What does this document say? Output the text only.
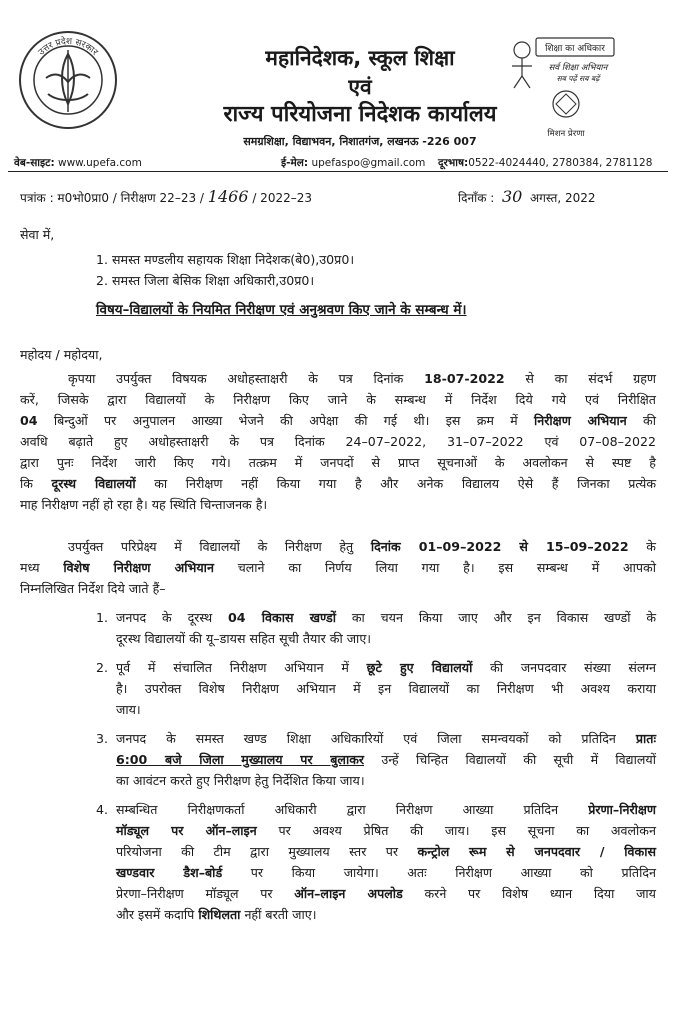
उत्तर प्रदेश सरकार	महानिदेशक, स्कूल शिक्षा
एवं
राज्य परियोजना निदेशक कार्यालय
समग्रशिक्षा, विद्याभवन, निशातगंज, लखनऊ -226 007
शिक्षा का अधिकार
सर्व शिक्षा अभियान
सब पढ़ें सब बढ़ें
मिशन प्रेरणा
वेब-साइट: www.upefa.com	ई-मेल: upefaspo@gmail.com दूरभाष:0522-4024440, 2780384, 2781128
पत्रांक : म0भो0प्रा0 / निरीक्षण 22–23 / 1466 / 2022–23	दिनाँक : 30 अगस्त, 2022
सेवा में,
1. समस्त मण्डलीय सहायक शिक्षा निदेशक(बे0),उ0प्र0।
2. समस्त जिला बेसिक शिक्षा अधिकारी,उ0प्र0।
विषय–विद्यालयों के नियमित निरीक्षण एवं अनुश्रवण किए जाने के सम्बन्ध में।
महोदय / महोदया,
कृपया उपर्युक्त विषयक अधोहस्ताक्षरी के पत्र दिनांक 18-07-2022 से का संदर्भ ग्रहण
करें, जिसके द्वारा विद्यालयों के निरीक्षण किए जाने के सम्बन्ध में निर्देश दिये गये एवं निरीक्षित
04 बिन्दुओं पर अनुपालन आख्या भेजने की अपेक्षा की गई थी। इस क्रम में निरीक्षण अभियान की
अवधि बढ़ाते हुए अधोहस्ताक्षरी के पत्र दिनांक 24–07–2022, 31–07–2022 एवं 07–08–2022
द्वारा पुनः निर्देश जारी किए गये। तत्क्रम में जनपदों से प्राप्त सूचनाओं के अवलोकन से स्पष्ट है
कि दूरस्थ विद्यालयों का निरीक्षण नहीं किया गया है और अनेक विद्यालय ऐसे हैं जिनका प्रत्येक
माह निरीक्षण नहीं हो रहा है। यह स्थिति चिन्ताजनक है।
उपर्युक्त परिप्रेक्ष्य में विद्यालयों के निरीक्षण हेतु दिनांक 01–09–2022 से 15–09–2022 के
मध्य विशेष निरीक्षण अभियान चलाने का निर्णय लिया गया है। इस सम्बन्ध में आपको
निम्नलिखित निर्देश दिये जाते हैं–
1. जनपद के दूरस्थ 04 विकास खण्डों का चयन किया जाए और इन विकास खण्डों के
दूरस्थ विद्यालयों की यू–डायस सहित सूची तैयार की जाए।
2. पूर्व में संचालित निरीक्षण अभियान में छूटे हुए विद्यालयों की जनपदवार संख्या संलग्न
है। उपरोक्त विशेष निरीक्षण अभियान में इन विद्यालयों का निरीक्षण भी अवश्य कराया
जाय।
3. जनपद के समस्त खण्ड शिक्षा अधिकारियों एवं जिला समन्वयकों को प्रतिदिन प्रातः
6:00 बजे जिला मुख्यालय पर बुलाकर उन्हें चिन्हित विद्यालयों की सूची में विद्यालयों
का आवंटन करते हुए निरीक्षण हेतु निर्देशित किया जाय।
4. सम्बन्धित निरीक्षणकर्ता अधिकारी द्वारा निरीक्षण आख्या प्रतिदिन प्रेरणा–निरीक्षण
मॉड्यूल पर ऑन–लाइन पर अवश्य प्रेषित की जाय। इस सूचना का अवलोकन
परियोजना की टीम द्वारा मुख्यालय स्तर पर कन्ट्रोल रूम से जनपदवार / विकास
खण्डवार डैश–बोर्ड पर किया जायेगा। अतः निरीक्षण आख्या को प्रतिदिन
प्रेरणा–निरीक्षण मॉड्यूल पर ऑन–लाइन अपलोड करने पर विशेष ध्यान दिया जाय
और इसमें कदापि शिथिलता नहीं बरती जाए।
